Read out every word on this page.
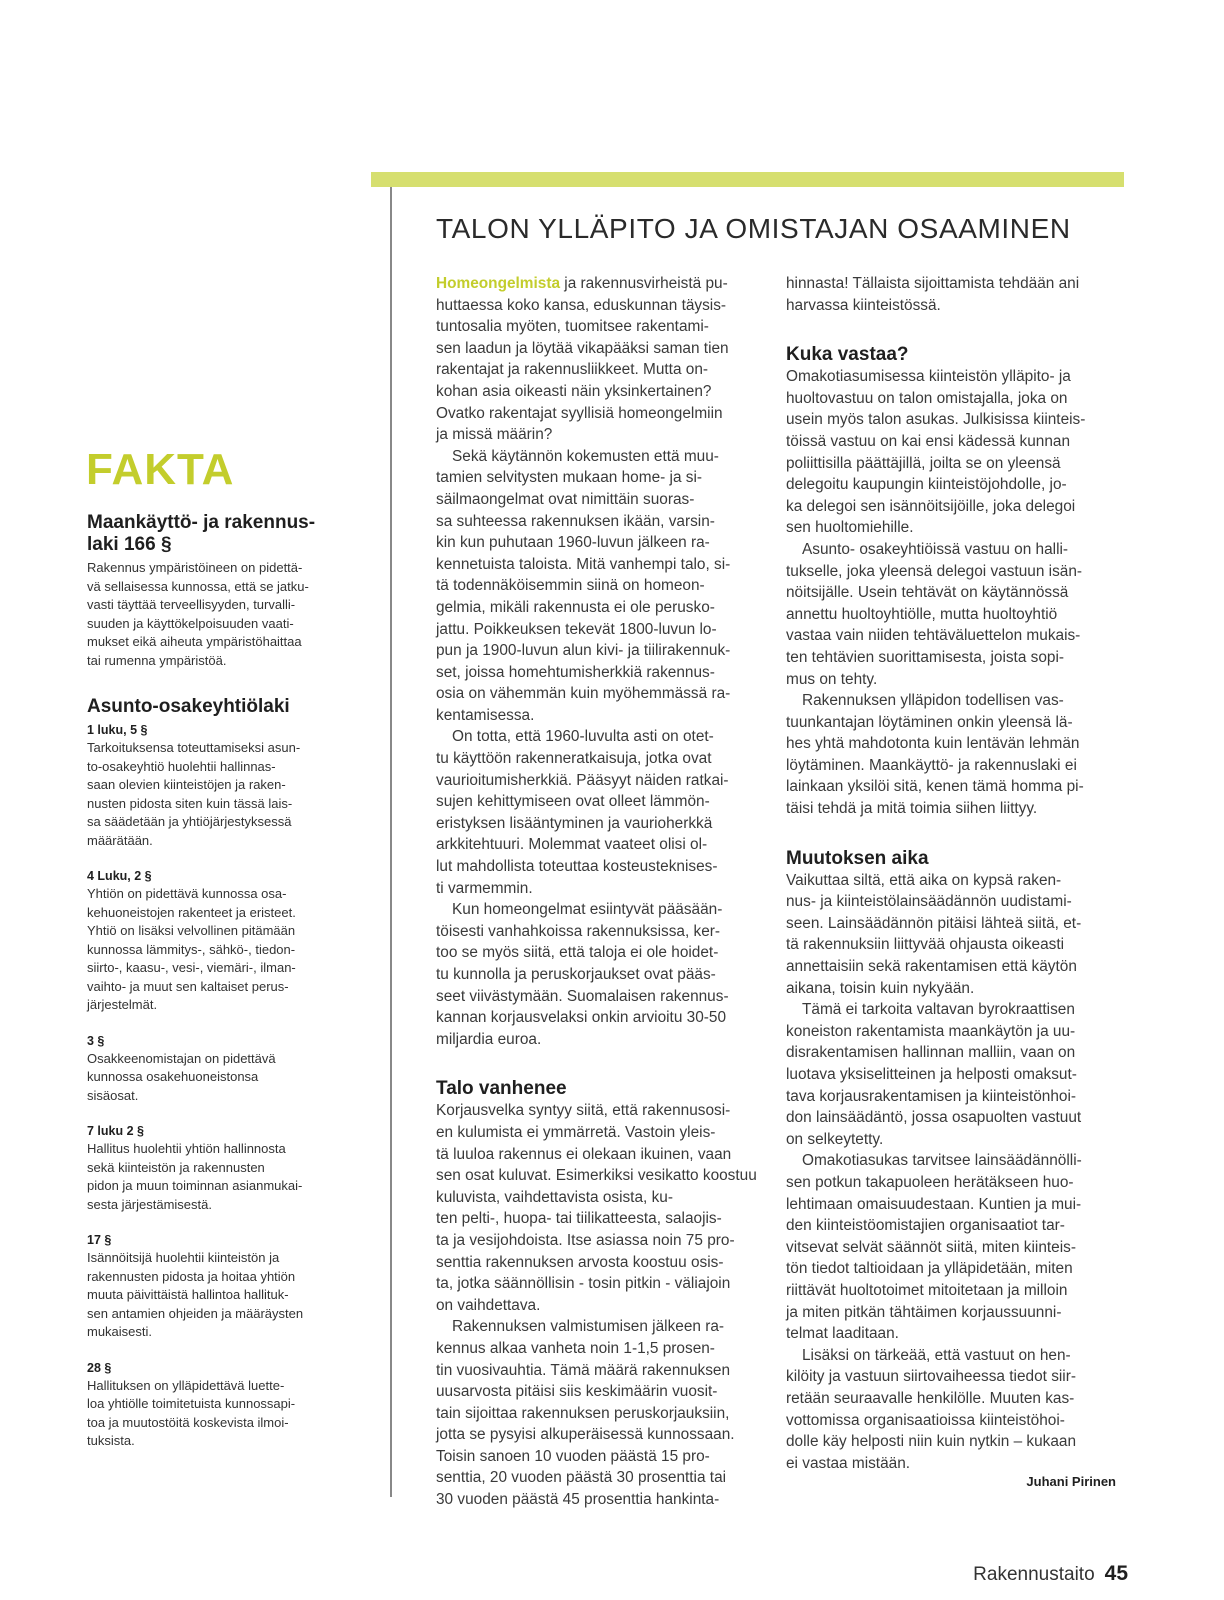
TALON YLLÄPITO JA OMISTAJAN OSAAMINEN
FAKTA
Maankäyttö- ja rakennus-
laki 166 §

Rakennus ympäristöineen on pidettä-
vä sellaisessa kunnossa, että se jatku-
vasti täyttää terveellisyyden, turvalli-
suuden ja käyttökelpoisuuden vaati-
mukset eikä aiheuta ympäristöhaittaa
tai rumenna ympäristöä.

Asunto-osakeyhtiölaki
1 luku, 5 §

Tarkoituksensa toteuttamiseksi asun-
to-osakeyhtiö huolehtii hallinnas-
saan olevien kiinteistöjen ja raken-
nusten pidosta siten kuin tässä lais-
sa säädetään ja yhtiöjärjestyksessä
määrätään.

4 Luku, 2 §

Yhtiön on pidettävä kunnossa osa-
kehuoneistojen rakenteet ja eristeet.
Yhtiö on lisäksi velvollinen pitämään
kunnossa lämmitys-, sähkö-, tiedon-
siirto-, kaasu-, vesi-, viemäri-, ilman-
vaihto- ja muut sen kaltaiset perus-
järjestelmät.

3 §

Osakkeenomistajan on pidettävä
kunnossa osakehuoneistonsa
sisäosat.

7 luku 2 §

Hallitus huolehtii yhtiön hallinnosta
sekä kiinteistön ja rakennusten
pidon ja muun toiminnan asianmukai-
sesta järjestämisestä.

17 §

Isännöitsijä huolehtii kiinteistön ja
rakennusten pidosta ja hoitaa yhtiön
muuta päivittäistä hallintoa hallituk-
sen antamien ohjeiden ja määräysten
mukaisesti.

28 §

Hallituksen on ylläpidettävä luette-
loa yhtiölle toimitetuista kunnossapi-
toa ja muutostöitä koskevista ilmoi-
tuksista.

Homeongelmista ja rakennusvirheistä pu-
huttaessa koko kansa, eduskunnan täysis-
tuntosalia myöten, tuomitsee rakentami-
sen laadun ja löytää vikapääksi saman tien
rakentajat ja rakennusliikkeet. Mutta on-
kohan asia oikeasti näin yksinkertainen?
Ovatko rakentajat syyllisiä homeongelmiin
ja missä määrin?

Sekä käytännön kokemusten että muu-
tamien selvitysten mukaan home- ja si-
säilmaongelmat ovat nimittäin suoras-
sa suhteessa rakennuksen ikään, varsin-
kin kun puhutaan 1960-luvun jälkeen ra-
kennetuista taloista. Mitä vanhempi talo, si-
tä todennäköisemmin siinä on homeon-
gelmia, mikäli rakennusta ei ole perusko-
jattu. Poikkeuksen tekevät 1800-luvun lo-
pun ja 1900-luvun alun kivi- ja tiilirakennuk-
set, joissa homehtumisherkkiä rakennus-
osia on vähemmän kuin myöhemmässä ra-
kentamisessa.

On totta, että 1960-luvulta asti on otet-
tu käyttöön rakenneratkaisuja, jotka ovat
vaurioitumisherkkiä. Pääsyyt näiden ratkai-
sujen kehittymiseen ovat olleet lämmön-
eristyksen lisääntyminen ja vaurioherkkä
arkkitehtuuri. Molemmat vaateet olisi ol-
lut mahdollista toteuttaa kosteusteknises-
ti varmemmin.

Kun homeongelmat esiintyvät pääsään-
töisesti vanhahkoissa rakennuksissa, ker-
too se myös siitä, että taloja ei ole hoidet-
tu kunnolla ja peruskorjaukset ovat pääs-
seet viivästymään. Suomalaisen rakennus-
kannan korjausvelaksi onkin arvioitu 30-50
miljardia euroa.

Talo vanhenee

Korjausvelka syntyy siitä, että rakennusosi-
en kulumista ei ymmärretä. Vastoin yleis-
tä luuloa rakennus ei olekaan ikuinen, vaan
sen osat kuluvat. Esimerkiksi vesikatto koostuu
kuluvista, vaihdettavista osista, ku-
ten pelti-, huopa- tai tiilikatteesta, salaojis-
ta ja vesijohdoista. Itse asiassa noin 75 pro-
senttia rakennuksen arvosta koostuu osis-
ta, jotka säännöllisin - tosin pitkin - väliajoin
on vaihdettava.

Rakennuksen valmistumisen jälkeen ra-
kennus alkaa vanheta noin 1-1,5 prosen-
tin vuosivauhtia. Tämä määrä rakennuksen
uusarvosta pitäisi siis keskimäärin vuosit-
tain sijoittaa rakennuksen peruskorjauksiin,
jotta se pysyisi alkuperäisessä kunnossaan.
Toisin sanoen 10 vuoden päästä 15 pro-
senttia, 20 vuoden päästä 30 prosenttia tai
30 vuoden päästä 45 prosenttia hankinta-

hinnasta! Tällaista sijoittamista tehdään ani
harvassa kiinteistössä.

Kuka vastaa?

Omakotiasumisessa kiinteistön ylläpito- ja
huoltovastuu on talon omistajalla, joka on
usein myös talon asukas. Julkisissa kiinteis-
töissä vastuu on kai ensi kädessä kunnan
poliittisilla päättäjillä, joilta se on yleensä
delegoitu kaupungin kiinteistöjohdolle, jo-
ka delegoi sen isännöitsijöille, joka delegoi
sen huoltomiehille.

Asunto- osakeyhtiöissä vastuu on halli-
tukselle, joka yleensä delegoi vastuun isän-
nöitsijälle. Usein tehtävät on käytännössä
annettu huoltoyhtiölle, mutta huoltoyhtiö
vastaa vain niiden tehtäväluettelon mukais-
ten tehtävien suorittamisesta, joista sopi-
mus on tehty.

Rakennuksen ylläpidon todellisen vas-
tuunkantajan löytäminen onkin yleensä lä-
hes yhtä mahdotonta kuin lentävän lehmän
löytäminen. Maankäyttö- ja rakennuslaki ei
lainkaan yksilöi sitä, kenen tämä homma pi-
täisi tehdä ja mitä toimia siihen liittyy.

Muutoksen aika

Vaikuttaa siltä, että aika on kypsä raken-
nus- ja kiinteistölainsäädännön uudistami-
seen. Lainsäädännön pitäisi lähteä siitä, et-
tä rakennuksiin liittyvää ohjausta oikeasti
annettaisiin sekä rakentamisen että käytön
aikana, toisin kuin nykyään.

Tämä ei tarkoita valtavan byrokraattisen
koneiston rakentamista maankäytön ja uu-
disrakentamisen hallinnan malliin, vaan on
luotava yksiselitteinen ja helposti omaksut-
tava korjausrakentamisen ja kiinteistönhoi-
don lainsäädäntö, jossa osapuolten vastuut
on selkeytetty.

Omakotiasukas tarvitsee lainsäädännölli-
sen potkun takapuoleen herätäkseen huo-
lehtimaan omaisuudestaan. Kuntien ja mui-
den kiinteistöomistajien organisaatiot tar-
vitsevat selvät säännöt siitä, miten kiinteis-
tön tiedot taltioidaan ja ylläpidetään, miten
riittävät huoltotoimet mitoitetaan ja milloin
ja miten pitkän tähtäimen korjaussuunni-
telmat laaditaan.

Lisäksi on tärkeää, että vastuut on hen-
kilöity ja vastuun siirtovaiheessa tiedot siir-
retään seuraavalle henkilölle. Muuten kas-
vottomissa organisaatioissa kiinteistöhoi-
dolle käy helposti niin kuin nytkin – kukaan
ei vastaa mistään.

Juhani Pirinen
Rakennustaito 45
